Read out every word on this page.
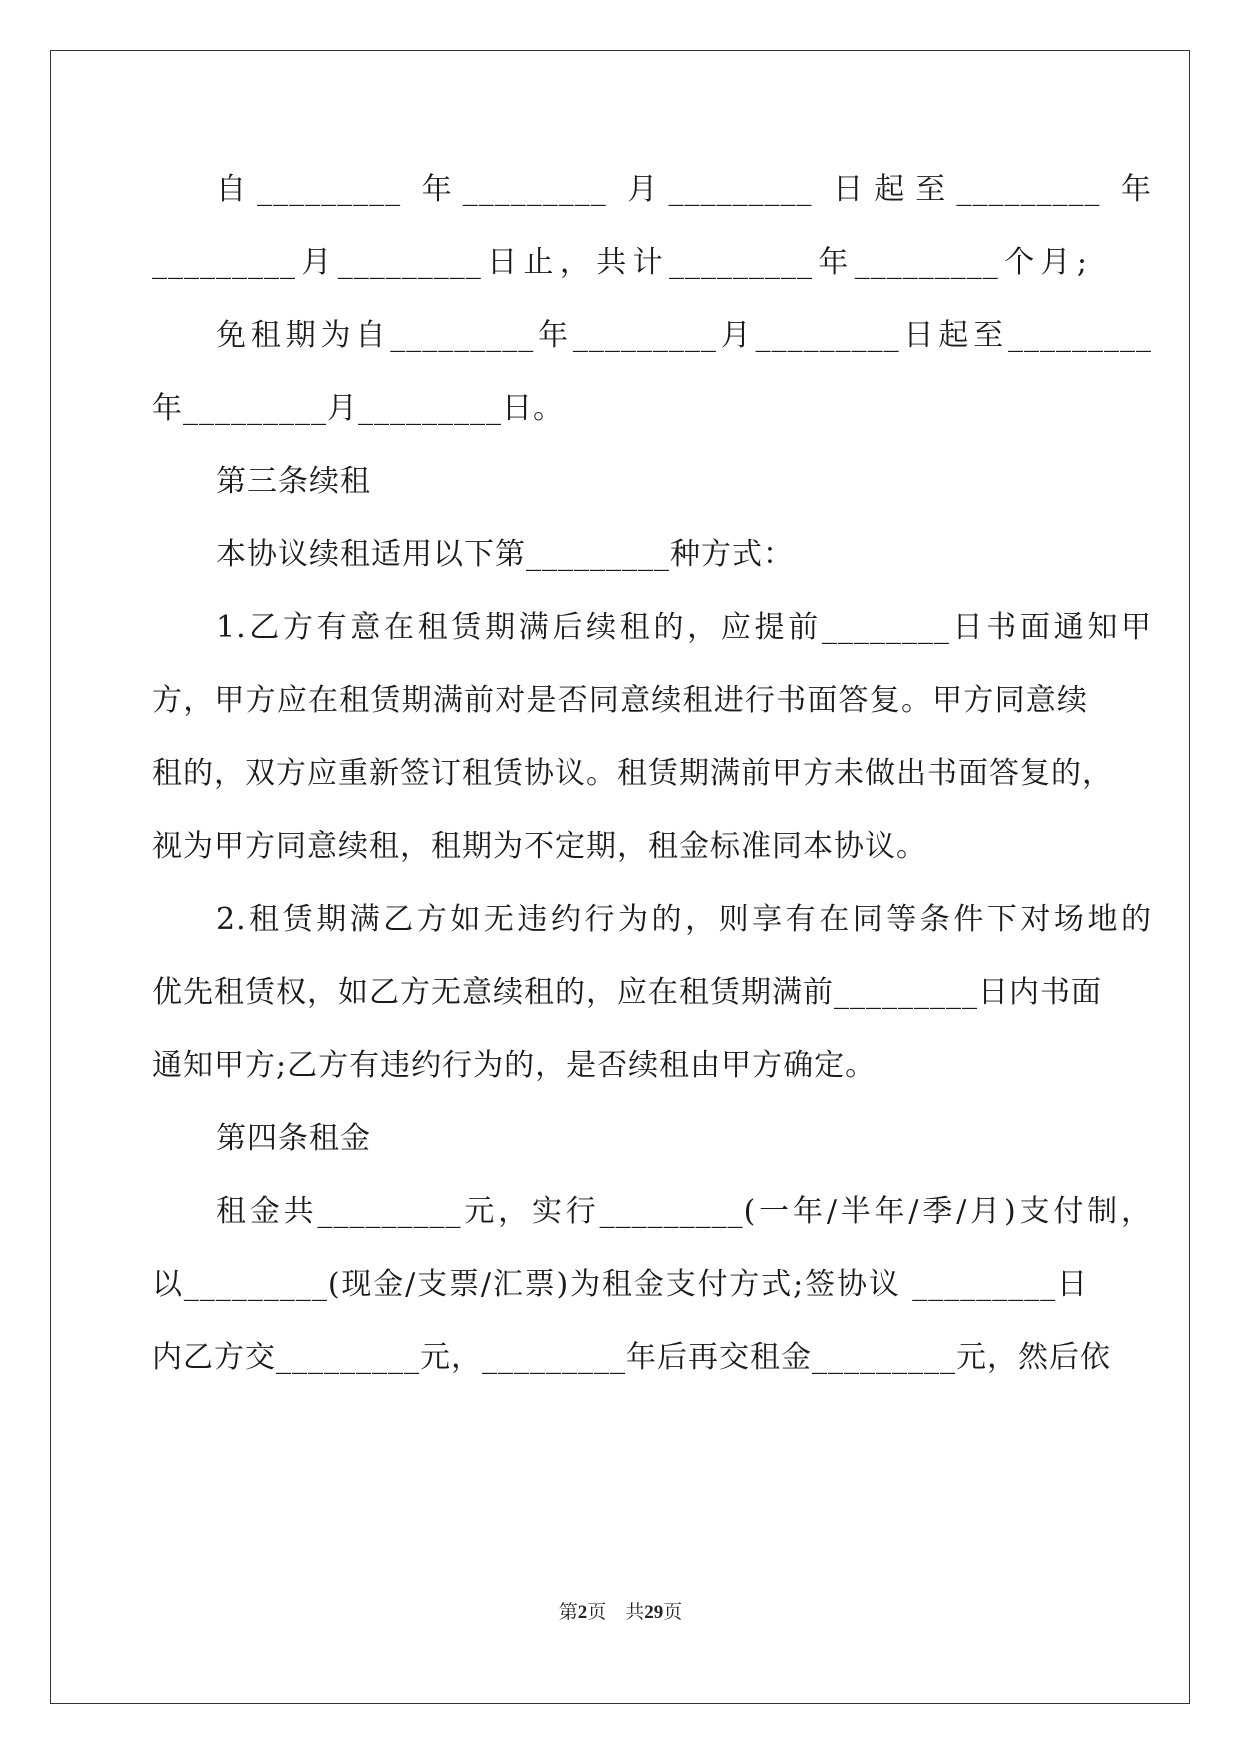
自_________ 年_________ 月_________ 日起至_________ 年
_________月_________日止，共计_________年_________个月;
免租期为自_________年_________月_________日起至_________
年_________月_________日。
第三条续租
本协议续租适用以下第_________种方式：
1.乙方有意在租赁期满后续租的，应提前________日书面通知甲
方，甲方应在租赁期满前对是否同意续租进行书面答复。甲方同意续
租的，双方应重新签订租赁协议。租赁期满前甲方未做出书面答复的，
视为甲方同意续租，租期为不定期，租金标准同本协议。
2.租赁期满乙方如无违约行为的，则享有在同等条件下对场地的
优先租赁权，如乙方无意续租的，应在租赁期满前_________日内书面
通知甲方;乙方有违约行为的，是否续租由甲方确定。
第四条租金
租金共_________元，实行_________(一年/半年/季/月)支付制，
以_________(现金/支票/汇票)为租金支付方式;签协议 _________日
内乙方交_________元，_________年后再交租金_________元，然后依
第2页　共29页
